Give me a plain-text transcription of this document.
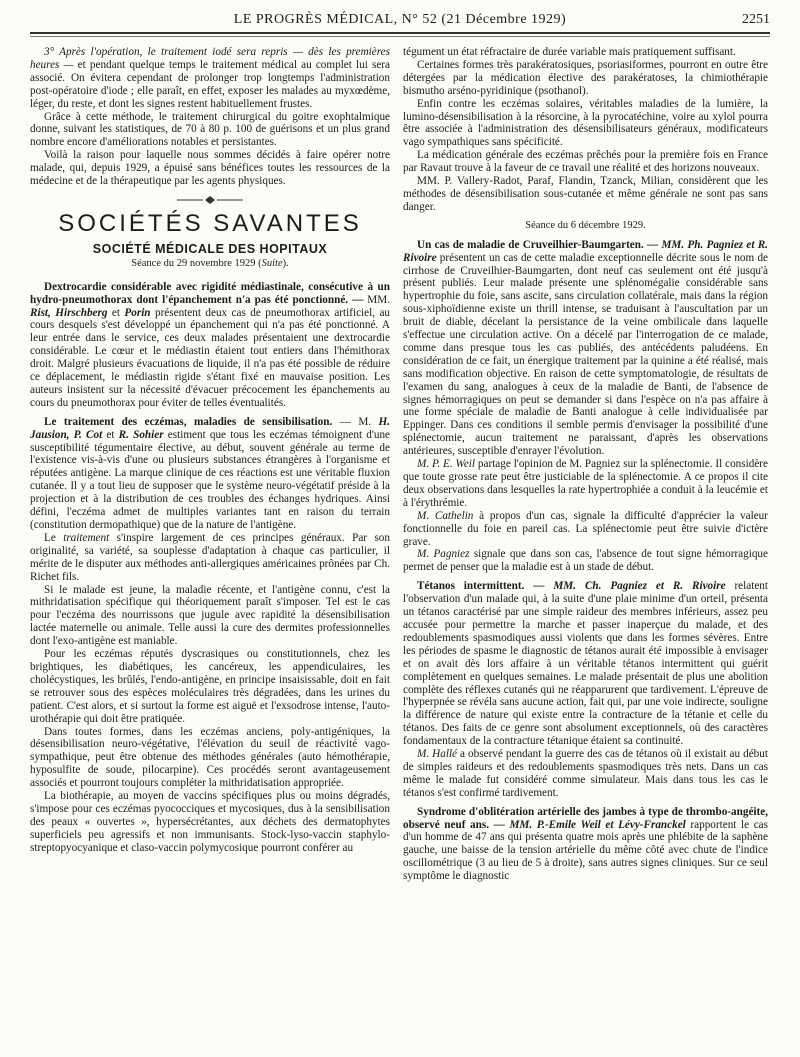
LE PROGRÈS MÉDICAL, N° 52 (21 Décembre 1929)	2251

3° Après l'opération, le traitement iodé sera repris — dès les premières heures — et pendant quelque temps le traitement médical au complet lui sera associé. On évitera cependant de prolonger trop longtemps l'administration post-opératoire d'iode ; elle paraît, en effet, exposer les malades au myxœdème, léger, du reste, et dont les signes restent habituellement frustes.

Grâce à cette méthode, le traitement chirurgical du goitre exophtalmique donne, suivant les statistiques, de 70 à 80 p. 100 de guérisons et un plus grand nombre encore d'améliorations notables et persistantes.

Voilà la raison pour laquelle nous sommes décidés à faire opérer notre malade, qui, depuis 1929, a épuisé sans bénéfices toutes les ressources de la médecine et de la thérapeutique par les agents physiques.

SOCIÉTÉS SAVANTES
SOCIÉTÉ MÉDICALE DES HOPITAUX
Séance du 29 novembre 1929 (Suite).

Dextrocardie considérable avec rigidité médiastinale, consécutive à un hydro-pneumothorax dont l'épanchement n'a pas été ponctionné. — MM. Rist, Hirschberg et Porin présentent deux cas de pneumothorax artificiel, au cours desquels s'est développé un épanchement qui n'a pas été ponctionné. A leur entrée dans le service, ces deux malades présentaient une dextrocardie considérable. Le cœur et le médiastin étaient tout entiers dans l'hémithorax droit. Malgré plusieurs évacuations de liquide, il n'a pas été possible de réduire ce déplacement, le médiastin rigide s'étant fixé en mauvaise position. Les auteurs insistent sur la nécessité d'évacuer précocement les épanchements au cours du pneumothorax pour éviter de telles éventualités.

Le traitement des eczémas, maladies de sensibilisation. — M. H. Jausion, P. Cot et R. Sohier estiment que tous les eczémas témoignent d'une susceptibilité tégumentaire élective, au début, souvent générale au terme de l'existence vis-à-vis d'une ou plusieurs substances étrangères à l'organisme et réputées antigène. La marque clinique de ces réactions est une véritable fluxion cutanée. Il y a tout lieu de supposer que le système neuro-végétatif préside à la projection et à la distribution de ces troubles des échanges hydriques. Ainsi défini, l'eczéma admet de multiples variantes tant en raison du terrain (constitution dermopathique) que de la nature de l'antigène.

Le traitement s'inspire largement de ces principes généraux. Par son originalité, sa variété, sa souplesse d'adaptation à chaque cas particulier, il mérite de le disputer aux méthodes anti-allergiques américaines prônées par Ch. Richet fils.

Si le malade est jeune, la maladie récente, et l'antigène connu, c'est la mithridatisation spécifique qui théoriquement paraît s'imposer. Tel est le cas pour l'eczéma des nourrissons que jugule avec rapidité la désensibilisation lactée maternelle ou animale. Telle aussi la cure des dermites professionnelles dont l'exo-antigène est maniable.

Pour les eczémas réputés dyscrasiques ou constitutionnels, chez les brightiques, les diabétiques, les cancéreux, les appendiculaires, les cholécystiques, les brûlés, l'endo-antigène, en principe insaisissable, doit en fait se retrouver sous des espèces moléculaires très dégradées, dans les urines du patient. C'est alors, et si surtout la forme est aiguë et l'exsodrose intense, l'auto-urothérapie qui doit être pratiquée.

Dans toutes formes, dans les eczémas anciens, poly-antigéniques, la désensibilisation neuro-végétative, l'élévation du seuil de réactivité vago-sympathique, peut être obtenue des méthodes générales (auto hémothérapie, hyposulfite de soude, pilocarpine). Ces procédés seront avantageusement associés et pourront toujours compléter la mithridatisation appropriée.

La biothérapie, au moyen de vaccins spécifiques plus ou moins dégradés, s'impose pour ces eczémas pyococciques et mycosiques, dus à la sensibilisation des peaux « ouvertes », hypersécrétantes, aux déchets des dermatophytes superficiels peu agressifs et non immunisants. Stock-lyso-vaccin staphylo-streptopyocyanique et claso-vaccin polymycosique pourront conférer au

tégument un état réfractaire de durée variable mais pratiquement suffisant.

Certaines formes très parakératosiques, psoriasiformes, pourront en outre être détergées par la médication élective des parakératoses, la chimiothérapie bismutho arséno-pyridinique (psothanol).

Enfin contre les eczémas solaires, véritables maladies de la lumière, la lumino-désensibilisation à la résorcine, à la pyrocatéchine, voire au xylol pourra être associée à l'administration des désensibilisateurs généraux, modificateurs vago sympathiques sans spécificité.

La médication générale des eczémas prêchés pour la première fois en France par Ravaut trouve à la faveur de ce travail une réalité et des horizons nouveaux.

MM. P. Vallery-Radot, Paraf, Flandin, Tzanck, Milian, considèrent que les méthodes de désensibilisation sous-cutanée et même générale ne sont pas sans danger.

Séance du 6 décembre 1929.

Un cas de maladie de Cruveilhier-Baumgarten. — MM. Ph. Pagniez et R. Rivoire présentent un cas de cette maladie exceptionnelle décrite sous le nom de cirrhose de Cruveilhier-Baumgarten, dont neuf cas seulement ont été jusqu'à présent publiés. Leur malade présente une splénomégalie considérable sans hypertrophie du foie, sans ascite, sans circulation collatérale, mais dans la région sous-xiphoïdienne existe un thrill intense, se traduisant à l'auscultation par un bruit de diable, décelant la persistance de la veine ombilicale dans laquelle s'effectue une circulation active. On a décelé par l'interrogation de ce malade, comme dans presque tous les cas publiés, des antécédents paludéens. En considération de ce fait, un énergique traitement par la quinine a été réalisé, mais sans modification objective. En raison de cette symptomatologie, de résultats de l'examen du sang, analogues à ceux de la maladie de Banti, de l'absence de signes hémorragiques on peut se demander si dans l'espèce on n'a pas affaire à une forme spéciale de maladie de Banti analogue à celle individualisée par Eppinger. Dans ces conditions il semble permis d'envisager la possibilité d'une splénectomie, aucun traitement ne paraissant, d'après les observations antérieures, susceptible d'enrayer l'évolution.

M. P. E. Weil partage l'opinion de M. Pagniez sur la splénectomie. Il considère que toute grosse rate peut être justiciable de la splénectomie. A ce propos il cite deux observations dans lesquelles la rate hypertrophiée a conduit à la leucémie et à l'érythrémie.

M. Cathelin à propos d'un cas, signale la difficulté d'apprécier la valeur fonctionnelle du foie en pareil cas. La splénectomie peut être suivie d'ictère grave.

M. Pagniez signale que dans son cas, l'absence de tout signe hémorragique permet de penser que la maladie est à un stade de début.

Tétanos intermittent. — MM. Ch. Pagniez et R. Rivoire relatent l'observation d'un malade qui, à la suite d'une plaie minime d'un orteil, présenta un tétanos caractérisé par une simple raideur des membres inférieurs, assez peu accusée pour permettre la marche et passer inaperçue du malade, et des redoublements spasmodiques aussi violents que dans les formes sévères. Entre les périodes de spasme le diagnostic de tétanos aurait été impossible à envisager et on avait dès lors affaire à un véritable tétanos intermittent qui guérit complètement en quelques semaines. Le malade présentait de plus une abolition complète des réflexes cutanés qui ne réapparurent que tardivement. L'épreuve de l'hyperpnée se révéla sans aucune action, fait qui, par une voie indirecte, souligne la différence de nature qui existe entre la contracture de la tétanie et celle du tétanos. Des faits de ce genre sont absolument exceptionnels, où des caractères fondamentaux de la contracture tétanique étaient sa continuité.

M. Hallé a observé pendant la guerre des cas de tétanos où il existait au début de simples raideurs et des redoublements spasmodiques très nets. Dans un cas même le malade fut considéré comme simulateur. Mais dans tous les cas le tétanos s'est confirmé tardivement.

Syndrome d'oblitération artérielle des jambes à type de thrombo-angéite, observé neuf ans. — MM. P.-Emile Weil et Lévy-Franckel rapportent le cas d'un homme de 47 ans qui présenta quatre mois après une phlébite de la saphène gauche, une baisse de la tension artérielle du même côté avec chute de l'indice oscillométrique (3 au lieu de 5 à droite), sans autres signes cliniques. Sur ce seul symptôme le diagnostic
